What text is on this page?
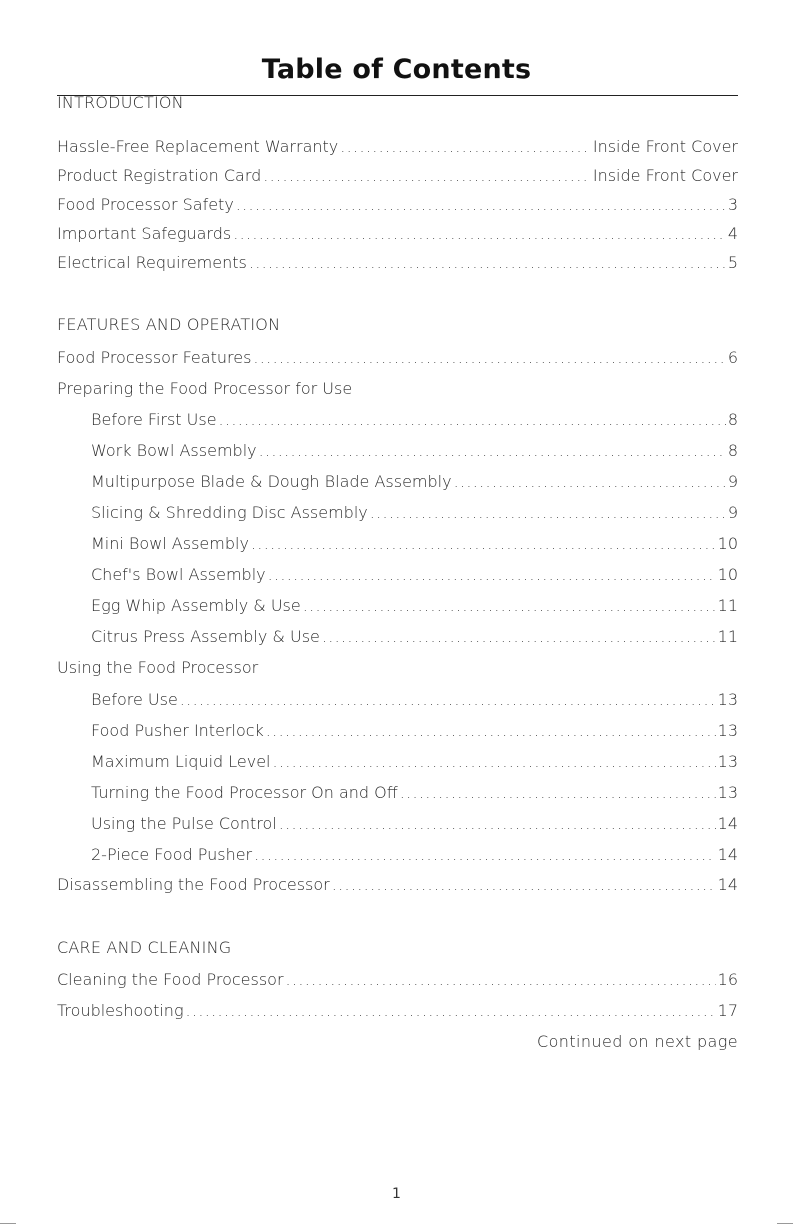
Table of Contents
INTRODUCTION
Hassle-Free Replacement Warranty .....	Inside Front Cover
Product Registration Card .....	Inside Front Cover
Food Processor Safety .....	3
Important Safeguards .....	4
Electrical Requirements .....	5
FEATURES AND OPERATION
Food Processor Features .....	6
Preparing the Food Processor for Use
Before First Use .....	8
Work Bowl Assembly .....	8
Multipurpose Blade & Dough Blade Assembly .....	9
Slicing & Shredding Disc Assembly .....	9
Mini Bowl Assembly .....	10
Chef's Bowl Assembly .....	10
Egg Whip Assembly & Use .....	11
Citrus Press Assembly & Use .....	11
Using the Food Processor
Before Use .....	13
Food Pusher Interlock .....	13
Maximum Liquid Level .....	13
Turning the Food Processor On and Off .....	13
Using the Pulse Control .....	14
2-Piece Food Pusher .....	14
Disassembling the Food Processor .....	14
CARE AND CLEANING
Cleaning the Food Processor .....	16
Troubleshooting .....	17
Continued on next page
1
